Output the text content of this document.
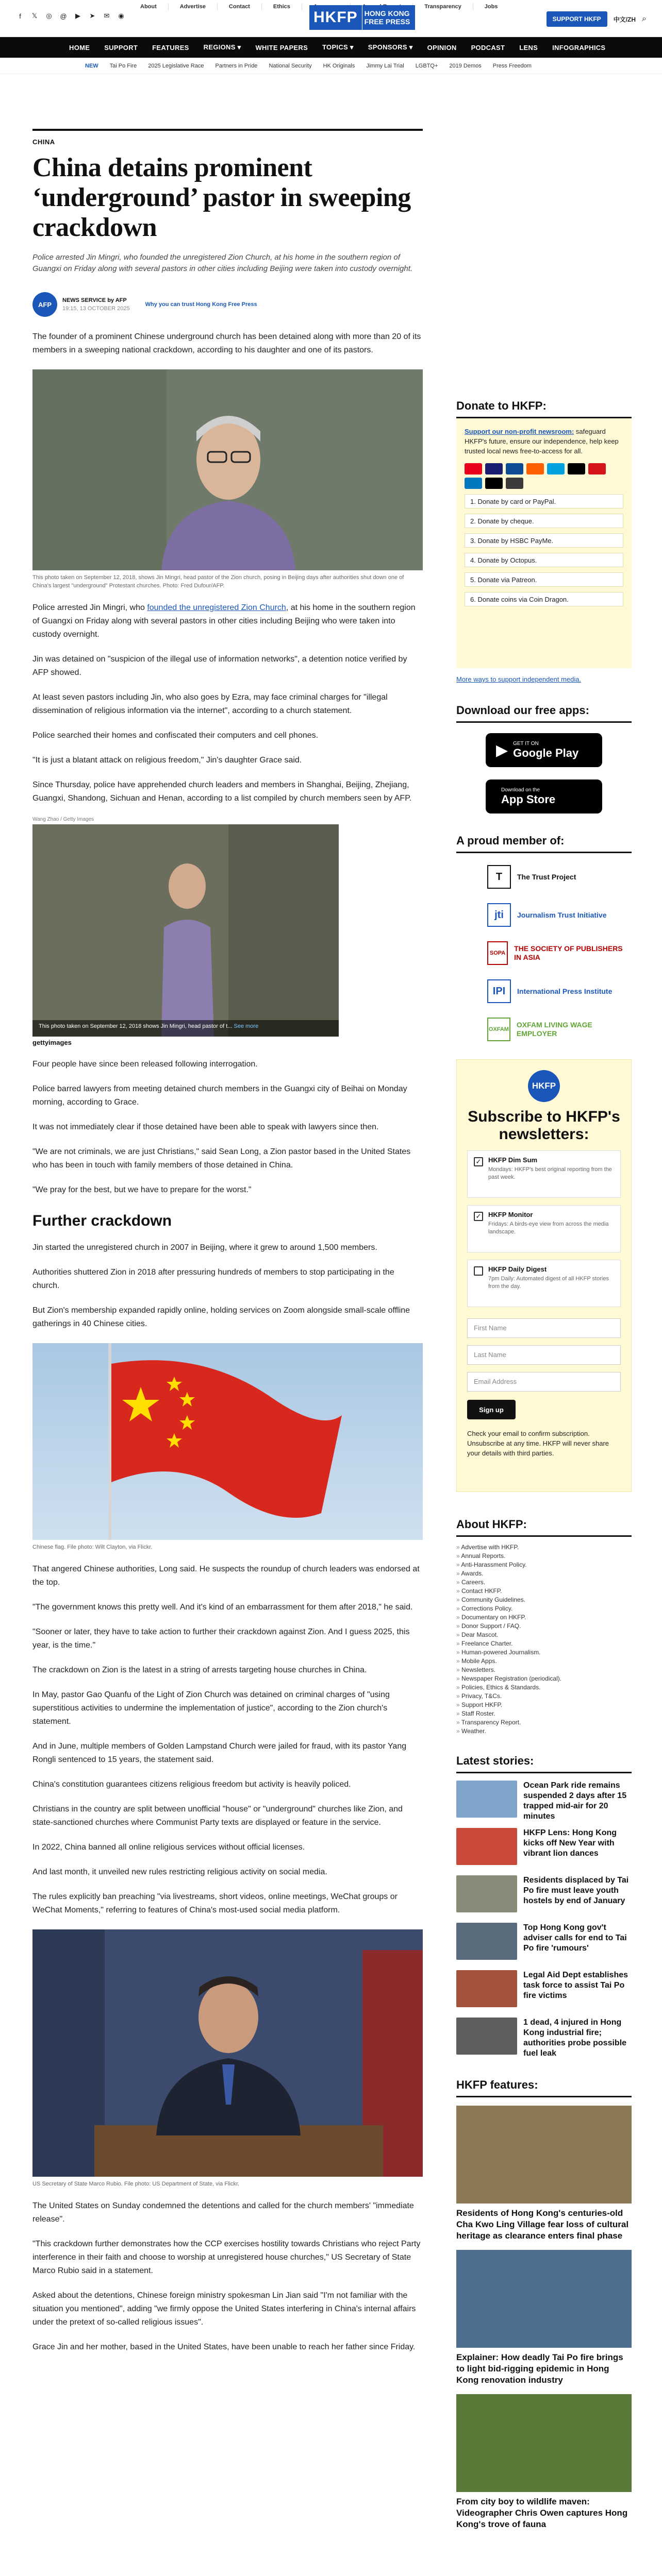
f	𝕏 ◎ @	▶	➤ ✉ ◉
About	Advertise	Contact	Ethics	Transparency	Jobs
HKFP HONG KONG
FREE PRESS	SUPPORT HKFP	中文/ZH ⌕
HOME	SUPPORT	FEATURES	REGIONS ▾	WHITE PAPERS	TOPICS ▾	SPONSORS ▾	OPINION	PODCAST	LENS	INFOGRAPHICS
NEW Tai Po Fire 2025 Legislative Race Partners in Pride National Security HK Originals Jimmy Lai Trial LGBTQ+ 2019 Demos Press Freedom
CHINA
China detains prominent ‘underground’ pastor in sweeping crackdown
Police arrested Jin Mingri, who founded the unregistered Zion Church, at his home in the southern region of Guangxi on Friday along with several pastors in other cities including Beijing were taken into custody overnight.
AFP
NEWS SERVICE by AFP
19:15, 13 OCTOBER 2025
Why you can trust Hong Kong Free Press

The founder of a prominent Chinese underground church has been detained along with more than 20 of its members in a sweeping national crackdown, according to his daughter and one of its pastors.

This photo taken on September 12, 2018, shows Jin Mingri, head pastor of the Zion church, posing in Beijing days after authorities shut down one of China's largest "underground" Protestant churches. Photo: Fred Dufour/AFP.

Police arrested Jin Mingri, who founded the unregistered Zion Church, at his home in the southern region of Guangxi on Friday along with several pastors in other cities including Beijing who were taken into custody overnight.

Jin was detained on "suspicion of the illegal use of information networks", a detention notice verified by AFP showed.

At least seven pastors including Jin, who also goes by Ezra, may face criminal charges for "illegal dissemination of religious information via the internet", according to a church statement.

Police searched their homes and confiscated their computers and cell phones.

"It is just a blatant attack on religious freedom," Jin's daughter Grace said.

Since Thursday, police have apprehended church leaders and members in Shanghai, Beijing, Zhejiang, Guangxi, Shandong, Sichuan and Henan, according to a list compiled by church members seen by AFP.

Wang Zhao / Getty Images
This photo taken on September 12, 2018 shows Jin Mingri, head pastor of t... See more
gettyimages

Four people have since been released following interrogation.

Police barred lawyers from meeting detained church members in the Guangxi city of Beihai on Monday morning, according to Grace.

It was not immediately clear if those detained have been able to speak with lawyers since then.

"We are not criminals, we are just Christians," said Sean Long, a Zion pastor based in the United States who has been in touch with family members of those detained in China.

"We pray for the best, but we have to prepare for the worst."

Further crackdown

Jin started the unregistered church in 2007 in Beijing, where it grew to around 1,500 members.

Authorities shuttered Zion in 2018 after pressuring hundreds of members to stop participating in the church.

But Zion's membership expanded rapidly online, holding services on Zoom alongside small-scale offline gatherings in 40 Chinese cities.

Chinese flag. File photo: Wilt Clayton, via Flickr.

That angered Chinese authorities, Long said. He suspects the roundup of church leaders was endorsed at the top.

"The government knows this pretty well. And it's kind of an embarrassment for them after 2018," he said.

"Sooner or later, they have to take action to further their crackdown against Zion. And I guess 2025, this year, is the time."

The crackdown on Zion is the latest in a string of arrests targeting house churches in China.

In May, pastor Gao Quanfu of the Light of Zion Church was detained on criminal charges of "using superstitious activities to undermine the implementation of justice", according to the Zion church's statement.

And in June, multiple members of Golden Lampstand Church were jailed for fraud, with its pastor Yang Rongli sentenced to 15 years, the statement said.

China's constitution guarantees citizens religious freedom but activity is heavily policed.

Christians in the country are split between unofficial "house" or "underground" churches like Zion, and state-sanctioned churches where Communist Party texts are displayed or feature in the service.

In 2022, China banned all online religious services without official licenses.

And last month, it unveiled new rules restricting religious activity on social media.

The rules explicitly ban preaching "via livestreams, short videos, online meetings, WeChat groups or WeChat Moments," referring to features of China's most-used social media platform.

US Secretary of State Marco Rubio. File photo: US Department of State, via Flickr.

The United States on Sunday condemned the detentions and called for the church members' "immediate release".

"This crackdown further demonstrates how the CCP exercises hostility towards Christians who reject Party interference in their faith and choose to worship at unregistered house churches," US Secretary of State Marco Rubio said in a statement.

Asked about the detentions, Chinese foreign ministry spokesman Lin Jian said "I'm not familiar with the situation you mentioned", adding "we firmly oppose the United States interfering in China's internal affairs under the pretext of so-called religious issues".

Grace Jin and her mother, based in the United States, have been unable to reach her father since Friday.

Donate to HKFP:
Support our non-profit newsroom: safeguard HKFP's future, ensure our independence, help keep trusted local news free-to-access for all.
1. Donate by card or PayPal.
2. Donate by cheque.
3. Donate by HSBC PayMe.
4. Donate by Octopus.
5. Donate via Patreon.
6. Donate coins via Coin Dragon.
More ways to support independent media.
Download our free apps:
▶ GET IT ON
Google Play
Download on the
App Store
A proud member of:
T	The Trust Project
jti	Journalism Trust Initiative
SOPA
THE SOCIETY OF PUBLISHERS IN ASIA
IPI	International Press Institute
OXFAM
OXFAM LIVING WAGE EMPLOYER
HKFP
Subscribe to HKFP's newsletters:
✓ HKFP Dim Sum
Mondays: HKFP's best original reporting from the past week.
✓ HKFP Monitor
Fridays: A birds-eye view from across the media landscape.
HKFP Daily Digest
7pm Daily: Automated digest of all HKFP stories from the day.
First Name
Last Name
Email Address
Sign up
Check your email to confirm subscription. Unsubscribe at any time. HKFP will never share your details with third parties.
About HKFP:
» Advertise with HKFP.
» Annual Reports.
» Anti-Harassment Policy.
» Awards.
» Careers.
» Contact HKFP.
» Community Guidelines.
» Corrections Policy.
» Documentary on HKFP.
» Donor Support / FAQ.
» Dear Mascot.
» Freelance Charter.
» Human-powered Journalism.
» Mobile Apps.
» Newsletters.
» Newspaper Registration (periodical).
» Policies, Ethics & Standards.
» Privacy, T&Cs.
» Support HKFP.
» Staff Roster.
» Transparency Report.
» Weather.
Latest stories:
Ocean Park ride remains suspended 2 days after 15 trapped mid-air for 20 minutes
HKFP Lens: Hong Kong kicks off New Year with vibrant lion dances
Residents displaced by Tai Po fire must leave youth hostels by end of January
Top Hong Kong gov't adviser calls for end to Tai Po fire 'rumours'
Legal Aid Dept establishes task force to assist Tai Po fire victims
1 dead, 4 injured in Hong Kong industrial fire; authorities probe possible fuel leak
HKFP features:
Residents of Hong Kong's centuries-old Cha Kwo Ling Village fear loss of cultural heritage as clearance enters final phase
Explainer: How deadly Tai Po fire brings to light bid-rigging epidemic in Hong Kong renovation industry
From city boy to wildlife maven: Videographer Chris Owen captures Hong Kong's trove of fauna
